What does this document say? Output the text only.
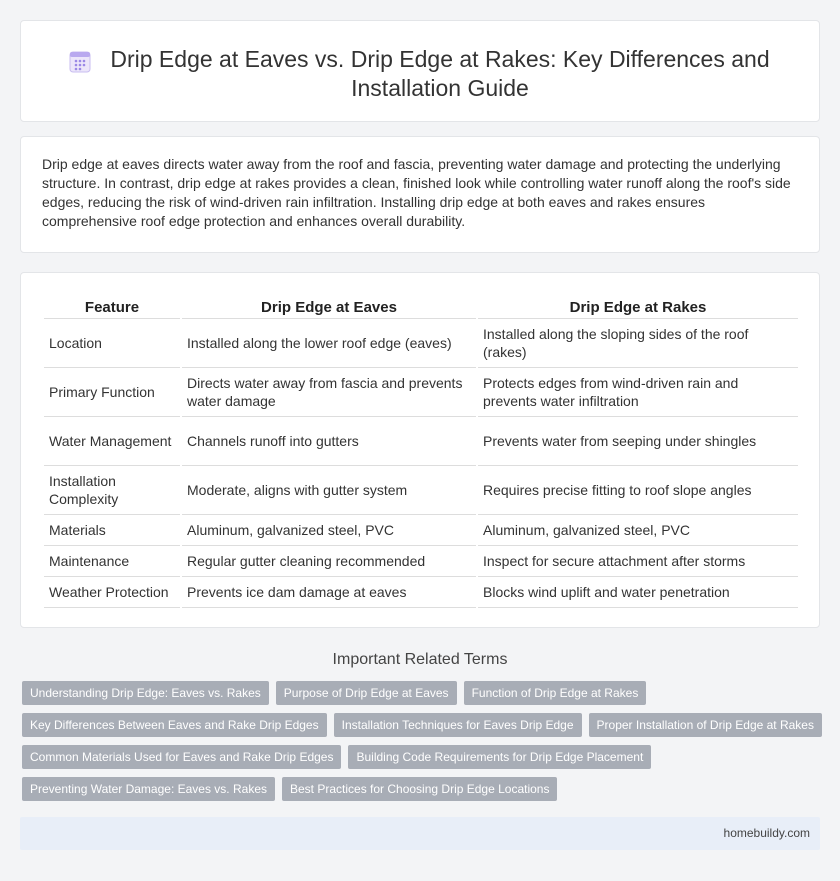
Drip Edge at Eaves vs. Drip Edge at Rakes: Key Differences and Installation Guide

Drip edge at eaves directs water away from the roof and fascia, preventing water damage and protecting the underlying structure. In contrast, drip edge at rakes provides a clean, finished look while controlling water runoff along the roof's side edges, reducing the risk of wind-driven rain infiltration. Installing drip edge at both eaves and rakes ensures comprehensive roof edge protection and enhances overall durability.

Feature	Drip Edge at Eaves	Drip Edge at Rakes
Location	Installed along the lower roof edge (eaves)	Installed along the sloping sides of the roof (rakes)
Primary Function	Directs water away from fascia and prevents water damage	Protects edges from wind-driven rain and prevents water infiltration
Water Management	Channels runoff into gutters	Prevents water from seeping under shingles
Installation Complexity	Moderate, aligns with gutter system	Requires precise fitting to roof slope angles
Materials	Aluminum, galvanized steel, PVC	Aluminum, galvanized steel, PVC
Maintenance	Regular gutter cleaning recommended	Inspect for secure attachment after storms
Weather Protection	Prevents ice dam damage at eaves	Blocks wind uplift and water penetration
Important Related Terms
Understanding Drip Edge: Eaves vs. Rakes	Purpose of Drip Edge at Eaves	Function of Drip Edge at Rakes
Key Differences Between Eaves and Rake Drip Edges	Installation Techniques for Eaves Drip Edge	Proper Installation of Drip Edge at Rakes
Common Materials Used for Eaves and Rake Drip Edges	Building Code Requirements for Drip Edge Placement
Preventing Water Damage: Eaves vs. Rakes	Best Practices for Choosing Drip Edge Locations
homebuildy.com
